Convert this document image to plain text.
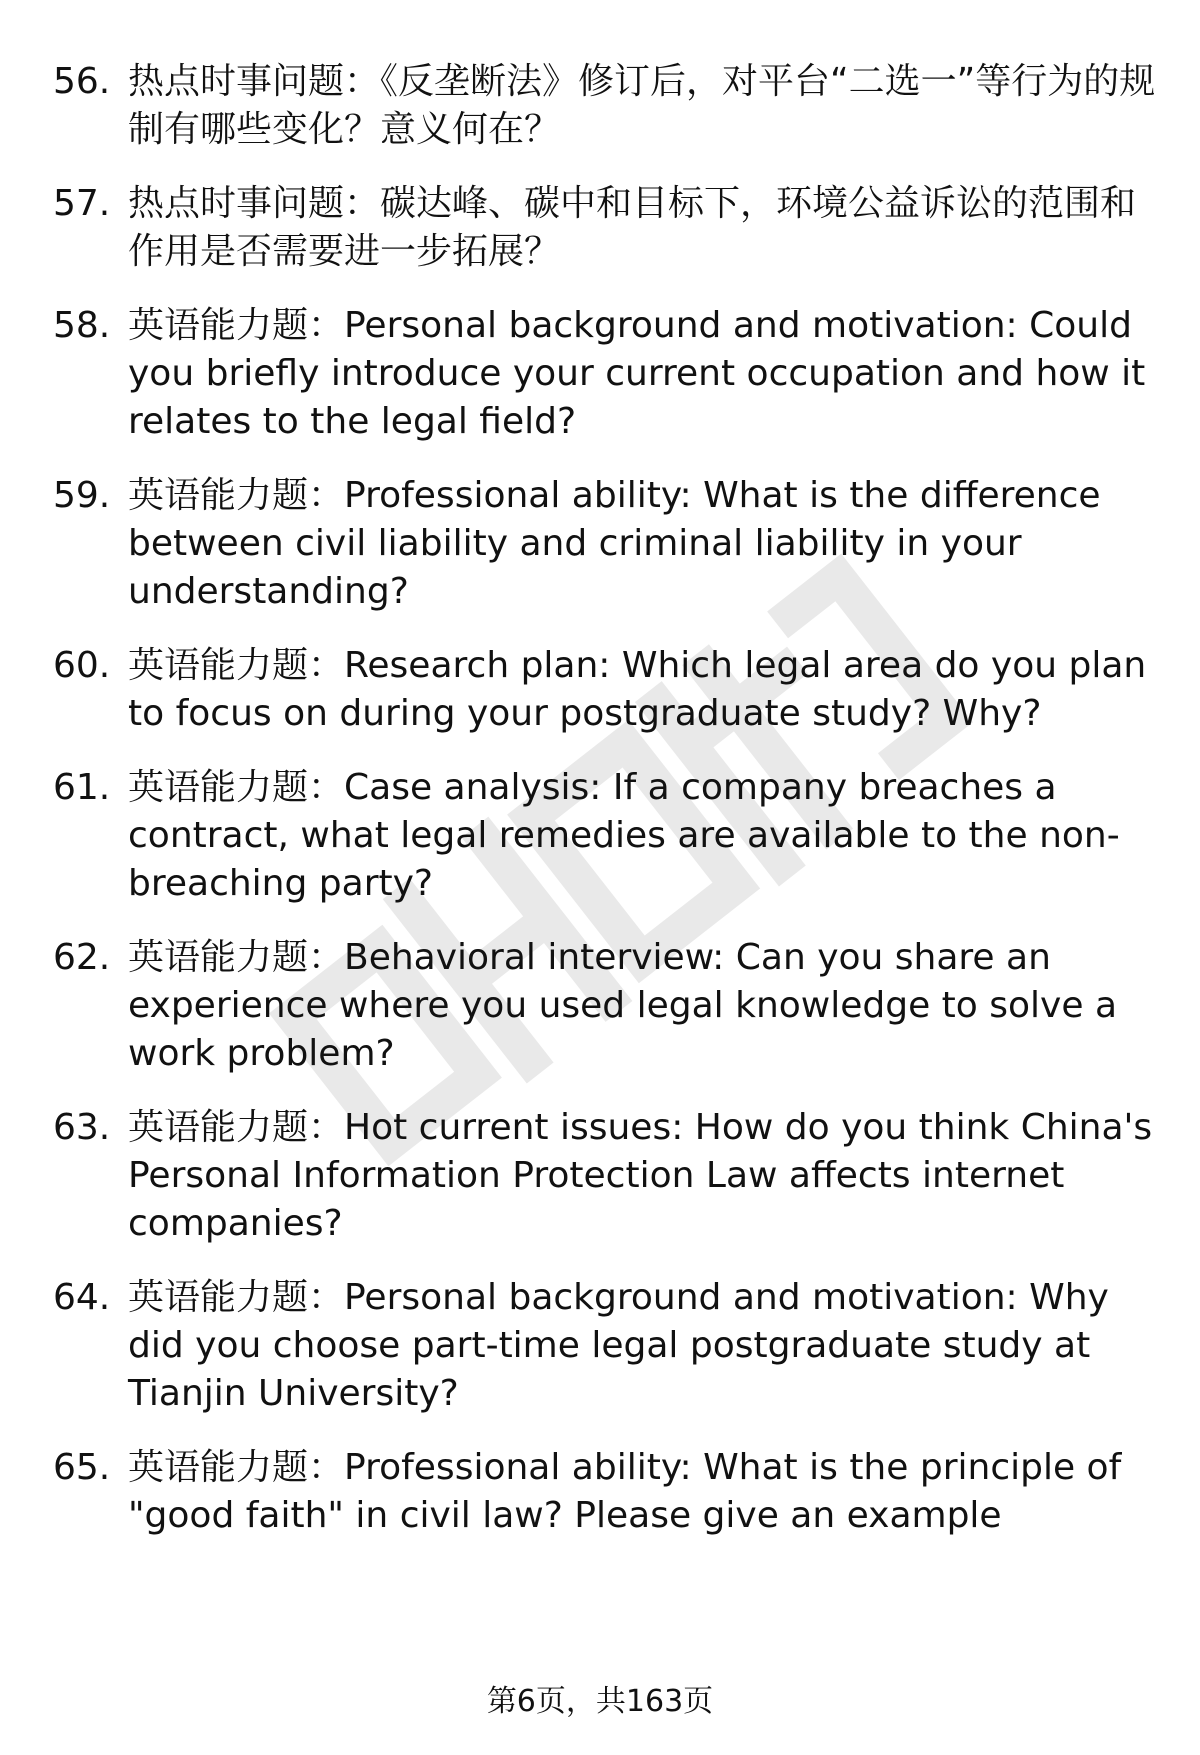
56. 热点时事问题：《反垄断法》修订后，对平台“二选一”等行为的规制有哪些变化？意义何在？
57. 热点时事问题：碳达峰、碳中和目标下，环境公益诉讼的范围和作用是否需要进一步拓展？
58. 英语能力题：Personal background and motivation: Could you briefly introduce your current occupation and how it relates to the legal field?
59. 英语能力题：Professional ability: What is the difference between civil liability and criminal liability in your understanding?
60. 英语能力题：Research plan: Which legal area do you plan to focus on during your postgraduate study? Why?
61. 英语能力题：Case analysis: If a company breaches a contract, what legal remedies are available to the non-breaching party?
62. 英语能力题：Behavioral interview: Can you share an experience where you used legal knowledge to solve a work problem?
63. 英语能力题：Hot current issues: How do you think China's Personal Information Protection Law affects internet companies?
64. 英语能力题：Personal background and motivation: Why did you choose part-time legal postgraduate study at Tianjin University?
65. 英语能力题：Professional ability: What is the principle of "good faith" in civil law? Please give an example
第6页，共163页
